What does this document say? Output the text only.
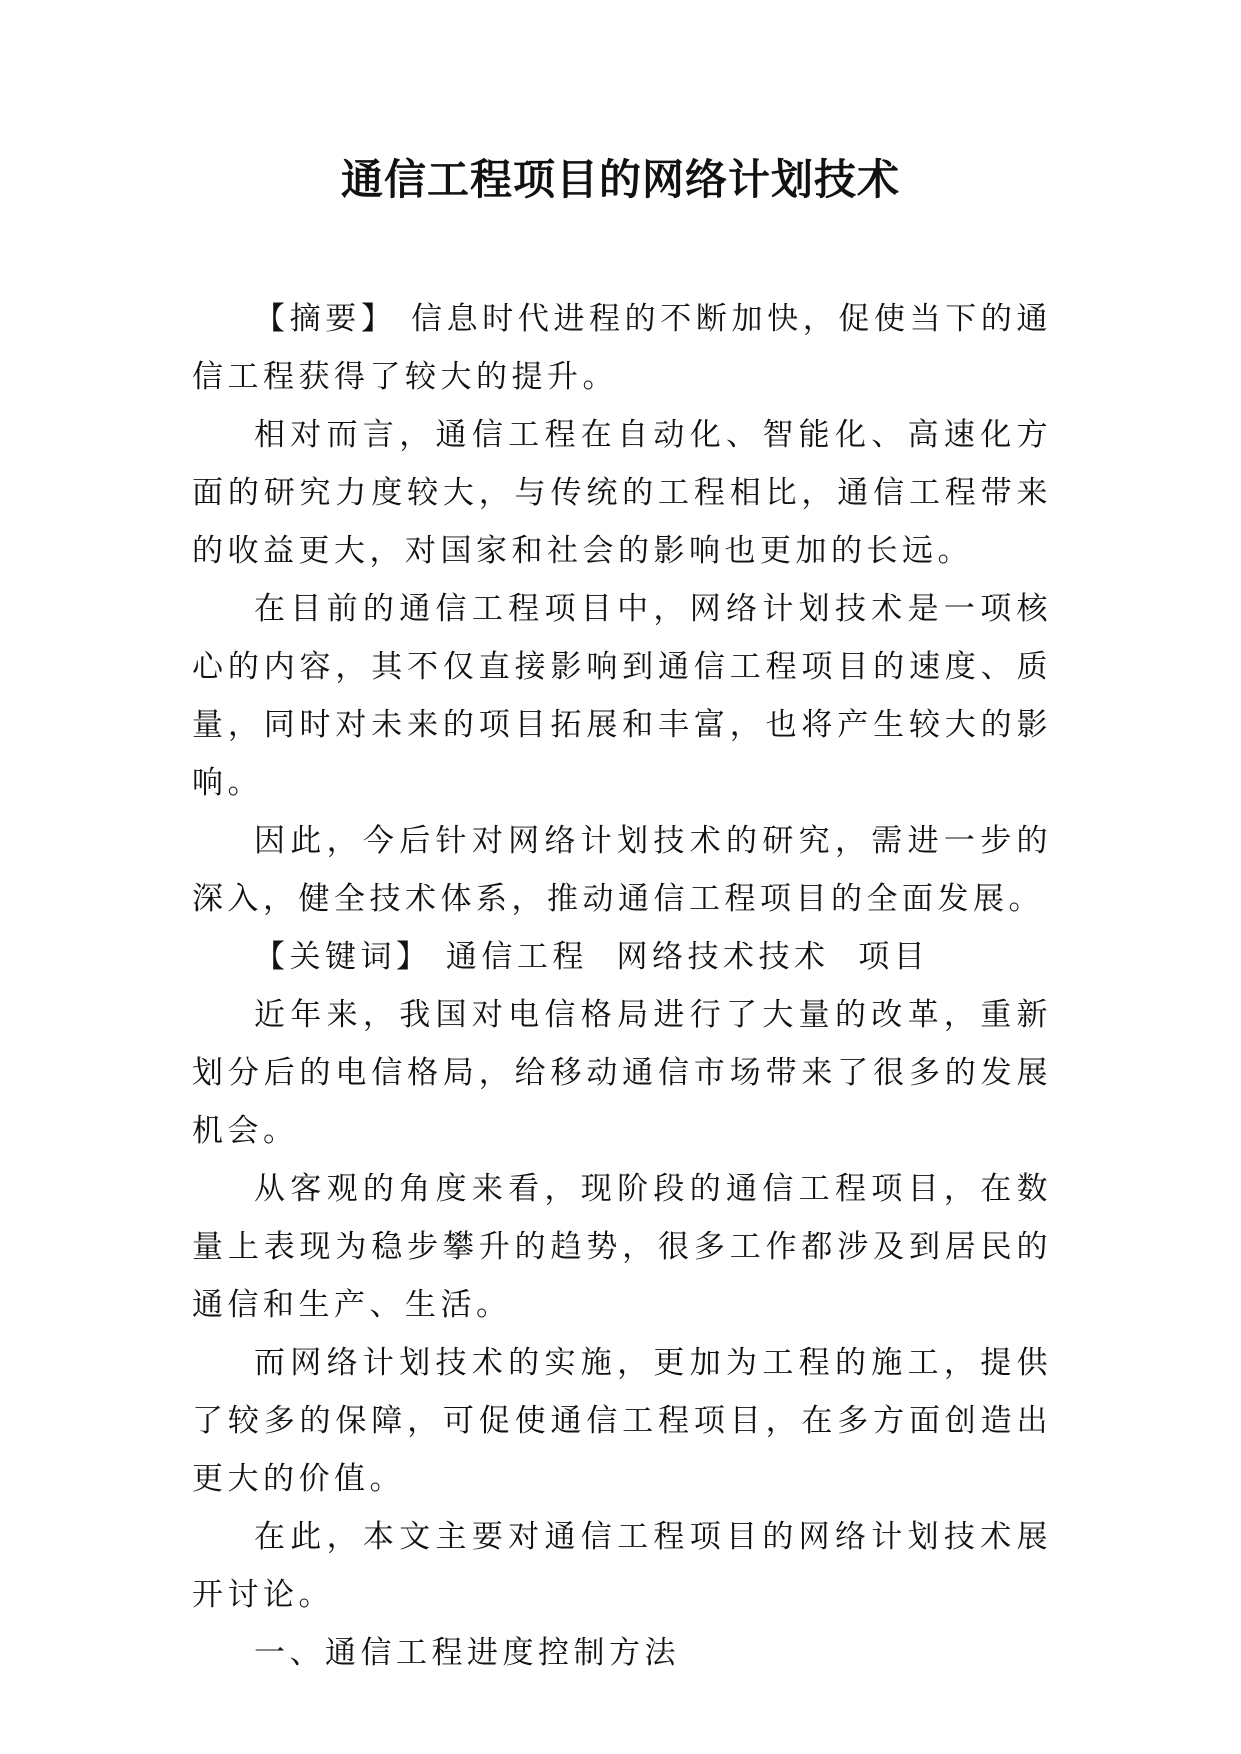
通信工程项目的网络计划技术

【摘要】 信息时代进程的不断加快，促使当下的通信工程获得了较大的提升。

相对而言，通信工程在自动化、智能化、高速化方面的研究力度较大，与传统的工程相比，通信工程带来的收益更大，对国家和社会的影响也更加的长远。

在目前的通信工程项目中，网络计划技术是一项核心的内容，其不仅直接影响到通信工程项目的速度、质量，同时对未来的项目拓展和丰富，也将产生较大的影响。

因此，今后针对网络计划技术的研究，需进一步的深入，健全技术体系，推动通信工程项目的全面发展。

【关键词】 通信工程  网络技术技术  项目

近年来，我国对电信格局进行了大量的改革，重新划分后的电信格局，给移动通信市场带来了很多的发展机会。

从客观的角度来看，现阶段的通信工程项目，在数量上表现为稳步攀升的趋势，很多工作都涉及到居民的通信和生产、生活。

而网络计划技术的实施，更加为工程的施工，提供了较多的保障，可促使通信工程项目，在多方面创造出更大的价值。

在此，本文主要对通信工程项目的网络计划技术展开讨论。

一、通信工程进度控制方法
